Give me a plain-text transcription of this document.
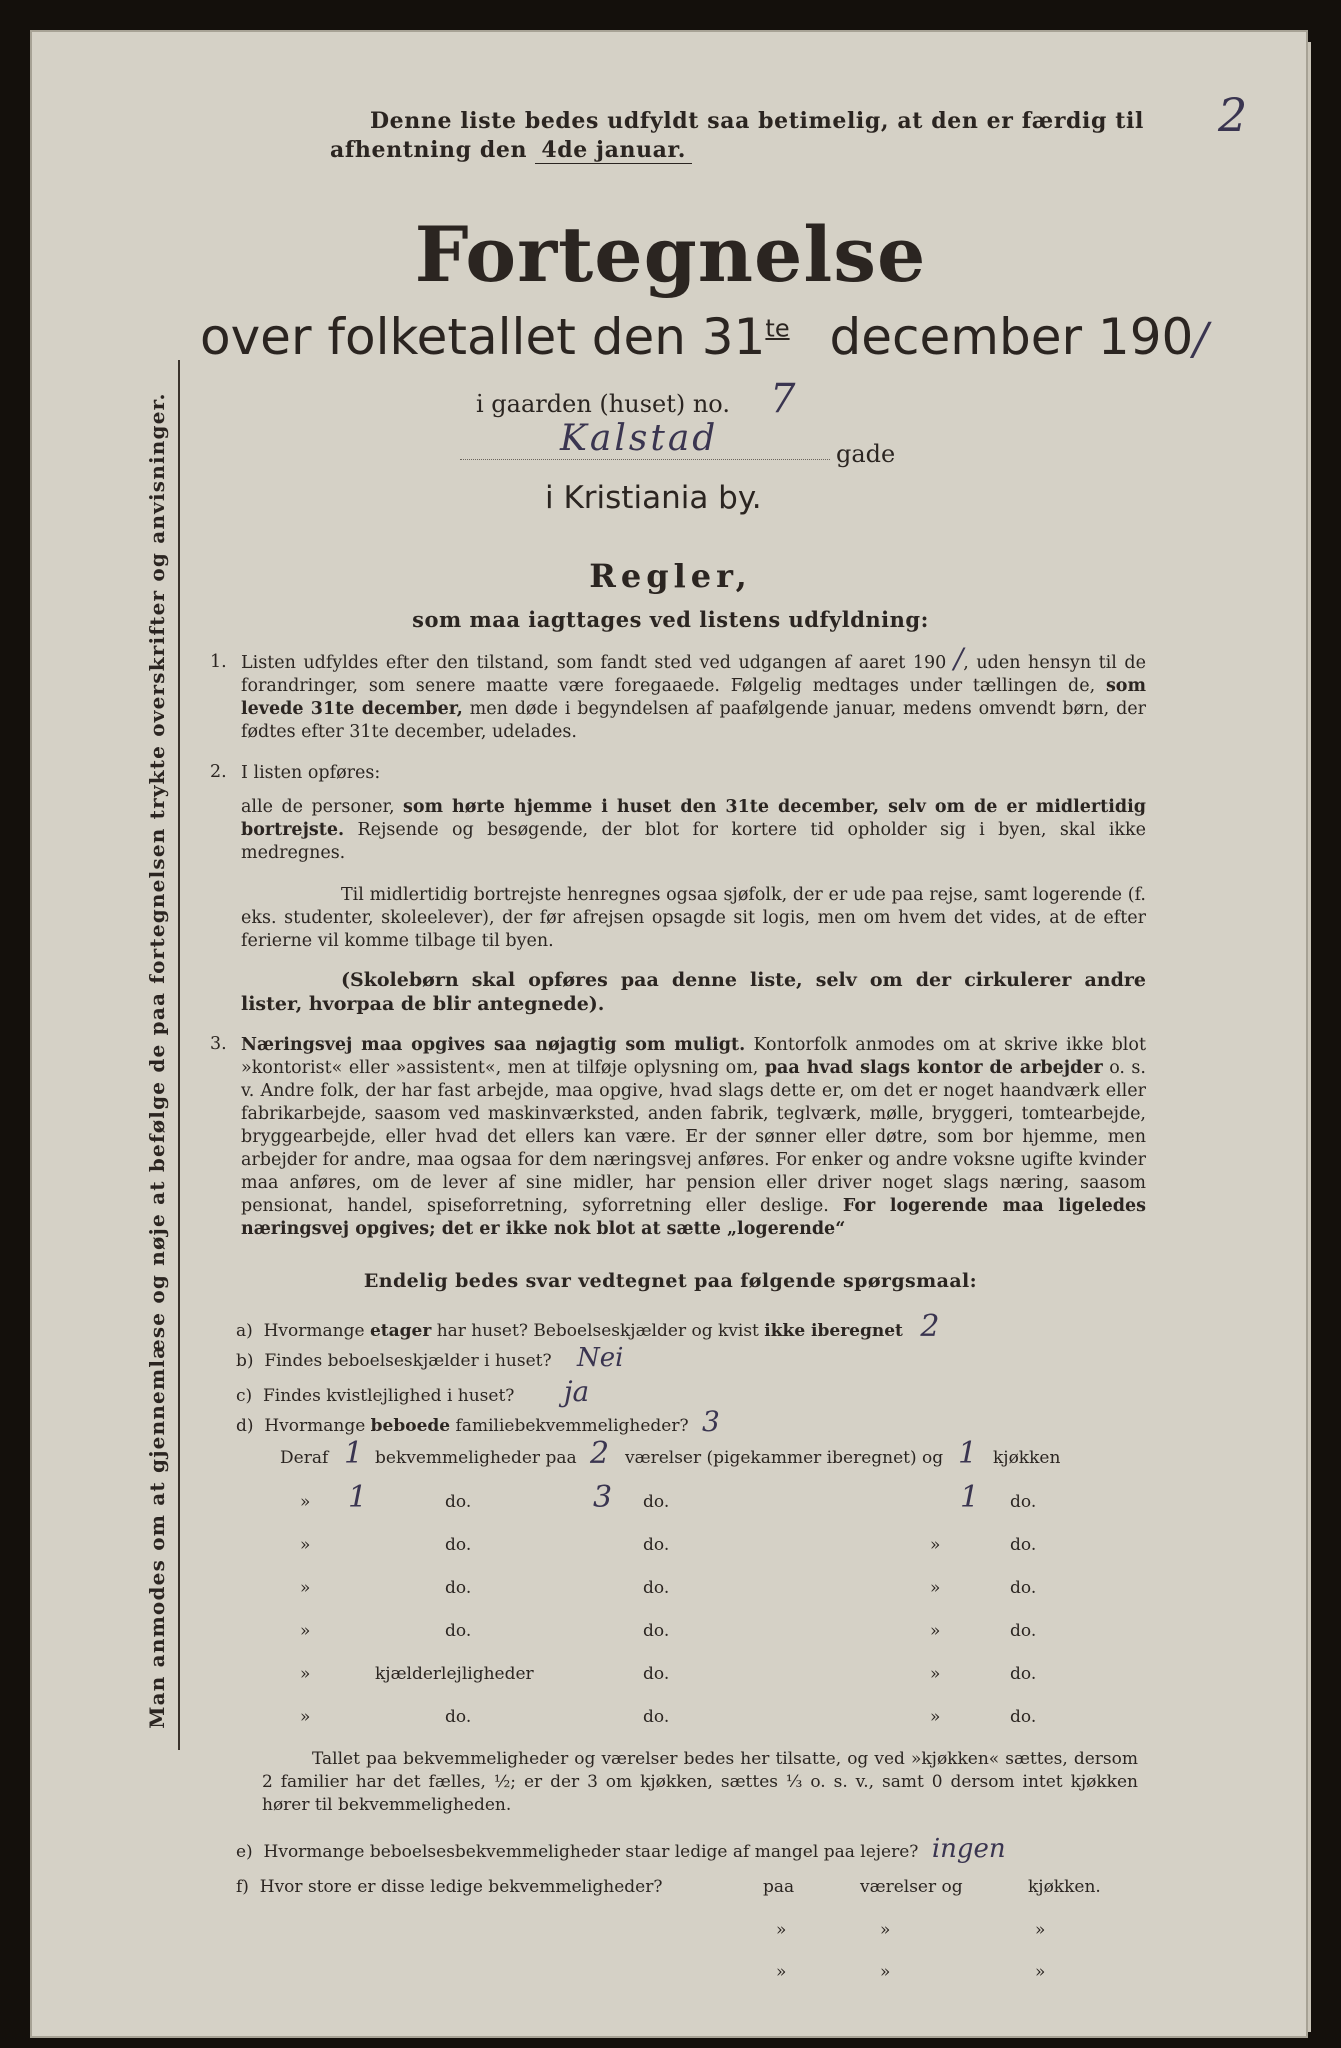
2
Denne liste bedes udfyldt saa betimelig, at den er færdig til
afhentning den 4de januar.
Fortegnelse
over folketallet den $31^{te}$ december 190/
i gaarden (huset) no. 7
Kalstad	gade
i Kristiania by.
Regler,
som maa iagttages ved listens udfyldning:
1. Listen udfyldes efter den tilstand, som fandt sted ved udgangen af aaret 190 /, uden hensyn til de forandringer, som senere maatte være foregaaede. Følgelig medtages under tællingen de, som levede 31te december, men døde i begyndelsen af paafølgende januar, medens omvendt børn, der fødtes efter 31te december, udelades.
2. I listen opføres:
alle de personer, som hørte hjemme i huset den 31te december, selv om de er midlertidig bortrejste. Rejsende og besøgende, der blot for kortere tid opholder sig i byen, skal ikke medregnes.
Til midlertidig bortrejste henregnes ogsaa sjøfolk, der er ude paa rejse, samt logerende (f. eks. studenter, skoleelever), der før afrejsen opsagde sit logis, men om hvem det vides, at de efter ferierne vil komme tilbage til byen.
(Skolebørn skal opføres paa denne liste, selv om der cirkulerer andre lister, hvorpaa de blir antegnede).
3. Næringsvej maa opgives saa nøjagtig som muligt. Kontorfolk anmodes om at skrive ikke blot »kontorist« eller »assistent«, men at tilføje oplysning om, paa hvad slags kontor de arbejder o. s. v. Andre folk, der har fast arbejde, maa opgive, hvad slags dette er, om det er noget haandværk eller fabrikarbejde, saasom ved maskinværksted, anden fabrik, teglværk, mølle, bryggeri, tomtearbejde, bryggearbejde, eller hvad det ellers kan være. Er der sønner eller døtre, som bor hjemme, men arbejder for andre, maa ogsaa for dem næringsvej anføres. For enker og andre voksne ugifte kvinder maa anføres, om de lever af sine midler, har pension eller driver noget slags næring, saasom pensionat, handel, spiseforretning, syforretning eller deslige. For logerende maa ligeledes næringsvej opgives; det er ikke nok blot at sætte „logerende“
Endelig bedes svar vedtegnet paa følgende spørgsmaal:
a) Hvormange etager har huset? Beboelseskjælder og kvist ikke iberegnet 2
b) Findes beboelseskjælder i huset? Nei
c) Findes kvistlejlighed i huset? ja
d) Hvormange beboede familiebekvemmeligheder? 3
Deraf 1 bekvemmeligheder paa 2 værelser (pigekammer iberegnet) og 1 kjøkken
» 1	do.	3 do.	1 do.
»	do.	do.	»	do.
»	do.	do.	»	do.
»	do.	do.	»	do.
»	kjælderlejligheder	do.	»	do.
»	do.	do.	»	do.
Tallet paa bekvemmeligheder og værelser bedes her tilsatte, og ved »kjøkken« sættes, dersom 2 familier har det fælles, ½; er der 3 om kjøkken, sættes ⅓ o. s. v., samt 0 dersom intet kjøkken hører til bekvemmeligheden.
e) Hvormange beboelsesbekvemmeligheder staar ledige af mangel paa lejere? ingen
f) Hvor store er disse ledige bekvemmeligheder?	paa	værelser og	kjøkken.
»	»	»
»	»	»
Man anmodes om at gjennemlæse og nøje at befølge de paa fortegnelsen trykte overskrifter og anvisninger.
